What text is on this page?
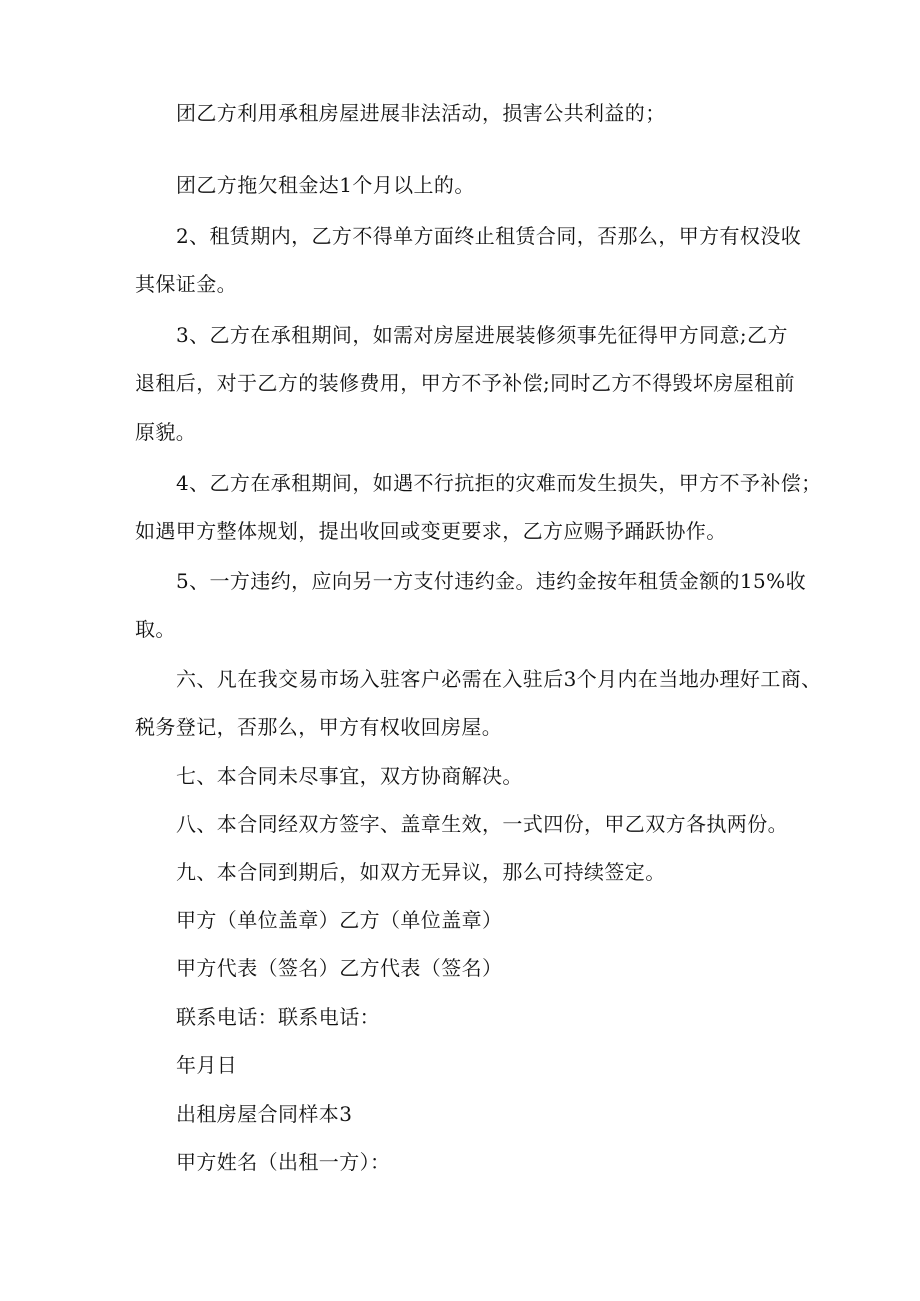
团乙方利用承租房屋进展非法活动，损害公共利益的；
团乙方拖欠租金达1个月以上的。
2、租赁期内，乙方不得单方面终止租赁合同，否那么，甲方有权没收
其保证金。
3、乙方在承租期间，如需对房屋进展装修须事先征得甲方同意;乙方
退租后，对于乙方的装修费用，甲方不予补偿;同时乙方不得毁坏房屋租前
原貌。
4、乙方在承租期间，如遇不行抗拒的灾难而发生损失，甲方不予补偿；
如遇甲方整体规划，提出收回或变更要求，乙方应赐予踊跃协作。
5、一方违约，应向另一方支付违约金。违约金按年租赁金额的15%收
取。
六、凡在我交易市场入驻客户必需在入驻后3个月内在当地办理好工商、
税务登记，否那么，甲方有权收回房屋。
七、本合同未尽事宜，双方协商解决。
八、本合同经双方签字、盖章生效，一式四份，甲乙双方各执两份。
九、本合同到期后，如双方无异议，那么可持续签定。
甲方（单位盖章）乙方（单位盖章）
甲方代表（签名）乙方代表（签名）
联系电话：联系电话：
年月日
出租房屋合同样本3
甲方姓名（出租一方）：
